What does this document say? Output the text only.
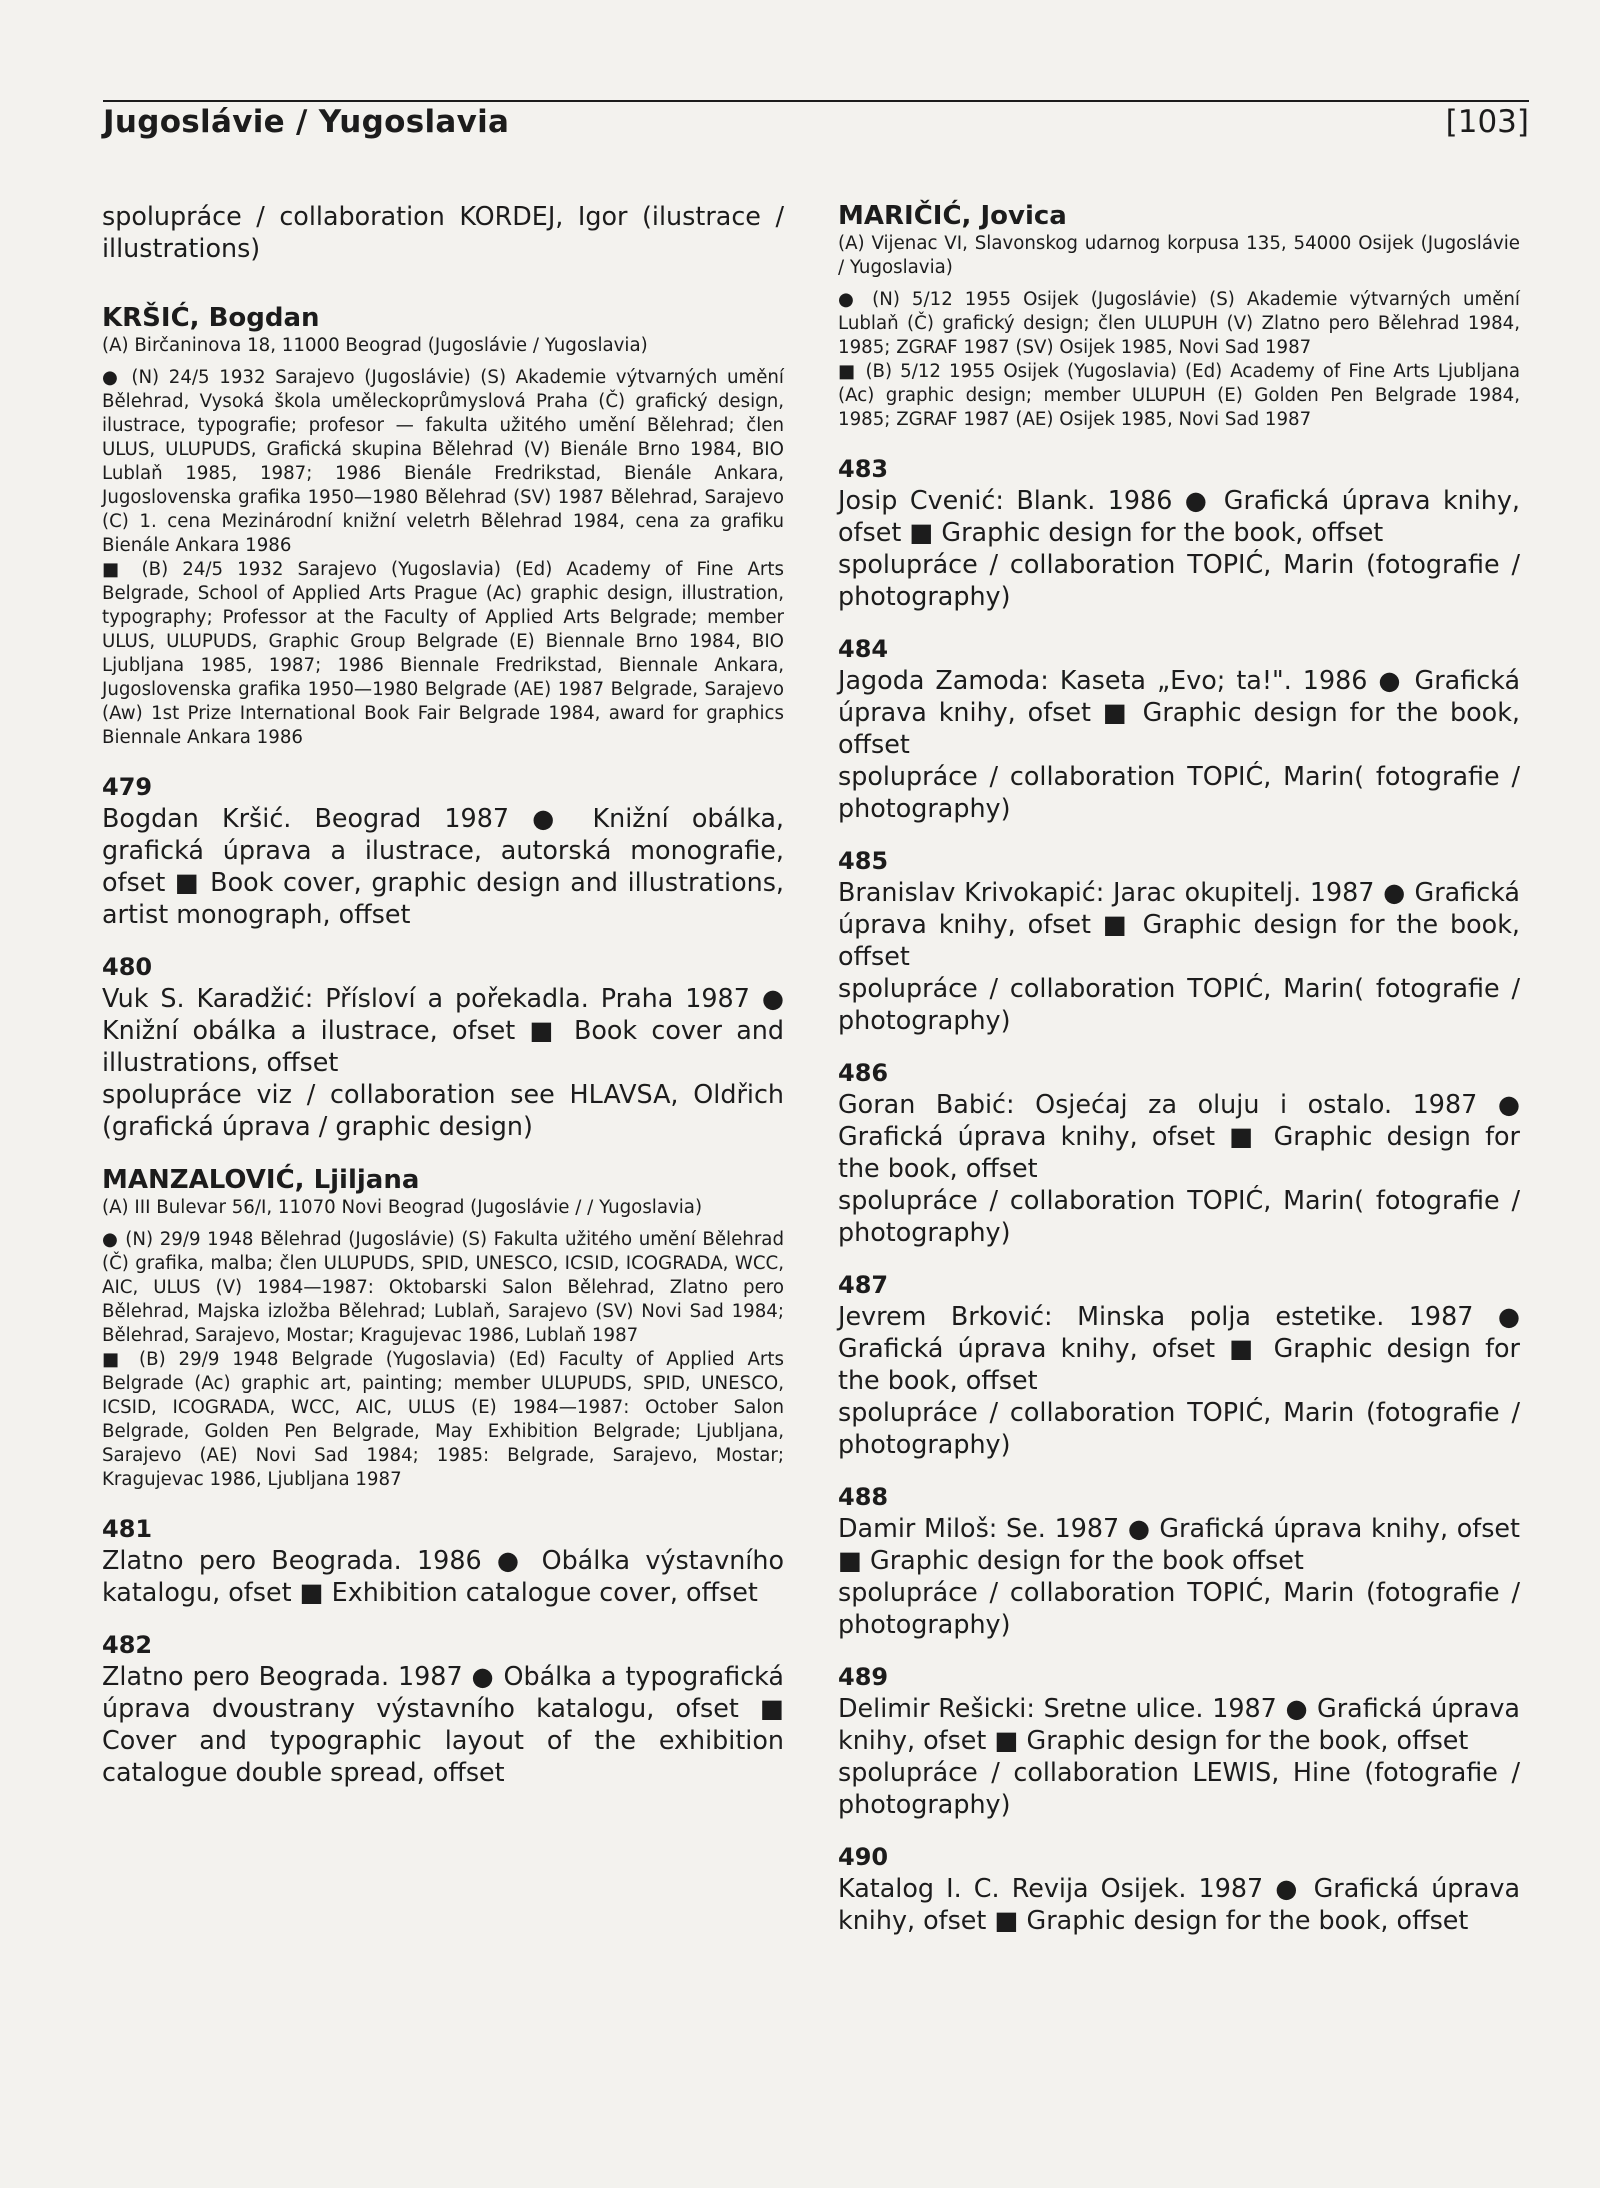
Jugoslávie / Yugoslavia	[103]

spolupráce / collaboration KORDEJ, Igor (ilustrace / illustrations)

KRŠIĆ, Bogdan

(A) Birčaninova 18, 11000 Beograd (Jugoslávie / Yugoslavia)

● (N) 24/5 1932 Sarajevo (Jugoslávie) (S) Akademie výtvarných umění Bělehrad, Vysoká škola uměleckoprůmyslová Praha (Č) grafický design, ilustrace, typografie; profesor — fakulta užitého umění Bělehrad; člen ULUS, ULUPUDS, Grafická skupina Bělehrad (V) Bienále Brno 1984, BIO Lublaň 1985, 1987; 1986 Bienále Fredrikstad, Bienále Ankara, Jugoslovenska grafika 1950—1980 Bělehrad (SV) 1987 Bělehrad, Sarajevo (C) 1. cena Mezinárodní knižní veletrh Bělehrad 1984, cena za grafiku Bienále Ankara 1986

■ (B) 24/5 1932 Sarajevo (Yugoslavia) (Ed) Academy of Fine Arts Belgrade, School of Applied Arts Prague (Ac) graphic design, illustration, typography; Professor at the Faculty of Applied Arts Belgrade; member ULUS, ULUPUDS, Graphic Group Belgrade (E) Biennale Brno 1984, BIO Ljubljana 1985, 1987; 1986 Biennale Fredrikstad, Biennale Ankara, Jugoslovenska grafika 1950—1980 Belgrade (AE) 1987 Belgrade, Sarajevo (Aw) 1st Prize International Book Fair Belgrade 1984, award for graphics Biennale Ankara 1986

479

Bogdan Kršić. Beograd 1987 ● Knižní obálka, grafická úprava a ilustrace, autorská monografie, ofset ■ Book cover, graphic design and illustrations, artist monograph, offset

480

Vuk S. Karadžić: Přísloví a pořekadla. Praha 1987 ● Knižní obálka a ilustrace, ofset ■ Book cover and illustrations, offset

spolupráce viz / collaboration see HLAVSA, Oldřich (grafická úprava / graphic design)

MANZALOVIĆ, Ljiljana

(A) III Bulevar 56/I, 11070 Novi Beograd (Jugoslávie / / Yugoslavia)

● (N) 29/9 1948 Bělehrad (Jugoslávie) (S) Fakulta užitého umění Bělehrad (Č) grafika, malba; člen ULUPUDS, SPID, UNESCO, ICSID, ICOGRADA, WCC, AIC, ULUS (V) 1984—1987: Oktobarski Salon Bělehrad, Zlatno pero Bělehrad, Majska izložba Bělehrad; Lublaň, Sarajevo (SV) Novi Sad 1984; Bělehrad, Sarajevo, Mostar; Kragujevac 1986, Lublaň 1987

■ (B) 29/9 1948 Belgrade (Yugoslavia) (Ed) Faculty of Applied Arts Belgrade (Ac) graphic art, painting; member ULUPUDS, SPID, UNESCO, ICSID, ICOGRADA, WCC, AIC, ULUS (E) 1984—1987: October Salon Belgrade, Golden Pen Belgrade, May Exhibition Belgrade; Ljubljana, Sarajevo (AE) Novi Sad 1984; 1985: Belgrade, Sarajevo, Mostar; Kragujevac 1986, Ljubljana 1987

481

Zlatno pero Beograda. 1986 ● Obálka výstavního katalogu, ofset ■ Exhibition catalogue cover, offset

482

Zlatno pero Beograda. 1987 ● Obálka a typografická úprava dvoustrany výstavního katalogu, ofset ■ Cover and typographic layout of the exhibition catalogue double spread, offset

MARIČIĆ, Jovica

(A) Vijenac VI, Slavonskog udarnog korpusa 135, 54000 Osijek (Jugoslávie / Yugoslavia)

● (N) 5/12 1955 Osijek (Jugoslávie) (S) Akademie výtvarných umění Lublaň (Č) grafický design; člen ULUPUH (V) Zlatno pero Bělehrad 1984, 1985; ZGRAF 1987 (SV) Osijek 1985, Novi Sad 1987

■ (B) 5/12 1955 Osijek (Yugoslavia) (Ed) Academy of Fine Arts Ljubljana (Ac) graphic design; member ULUPUH (E) Golden Pen Belgrade 1984, 1985; ZGRAF 1987 (AE) Osijek 1985, Novi Sad 1987

483

Josip Cvenić: Blank. 1986 ● Grafická úprava knihy, ofset ■ Graphic design for the book, offset

spolupráce / collaboration TOPIĆ, Marin (fotografie / photography)

484

Jagoda Zamoda: Kaseta „Evo; ta!". 1986 ● Grafická úprava knihy, ofset ■ Graphic design for the book, offset

spolupráce / collaboration TOPIĆ, Marin( fotografie / photography)

485

Branislav Krivokapić: Jarac okupitelj. 1987 ● Grafická úprava knihy, ofset ■ Graphic design for the book, offset

spolupráce / collaboration TOPIĆ, Marin( fotografie / photography)

486

Goran Babić: Osjećaj za oluju i ostalo. 1987 ● Grafická úprava knihy, ofset ■ Graphic design for the book, offset

spolupráce / collaboration TOPIĆ, Marin( fotografie / photography)

487

Jevrem Brković: Minska polja estetike. 1987 ● Grafická úprava knihy, ofset ■ Graphic design for the book, offset

spolupráce / collaboration TOPIĆ, Marin (fotografie / photography)

488

Damir Miloš: Se. 1987 ● Grafická úprava knihy, ofset ■ Graphic design for the book offset

spolupráce / collaboration TOPIĆ, Marin (fotografie / photography)

489

Delimir Rešicki: Sretne ulice. 1987 ● Grafická úprava knihy, ofset ■ Graphic design for the book, offset

spolupráce / collaboration LEWIS, Hine (fotografie / photography)

490

Katalog I. C. Revija Osijek. 1987 ● Grafická úprava knihy, ofset ■ Graphic design for the book, offset
